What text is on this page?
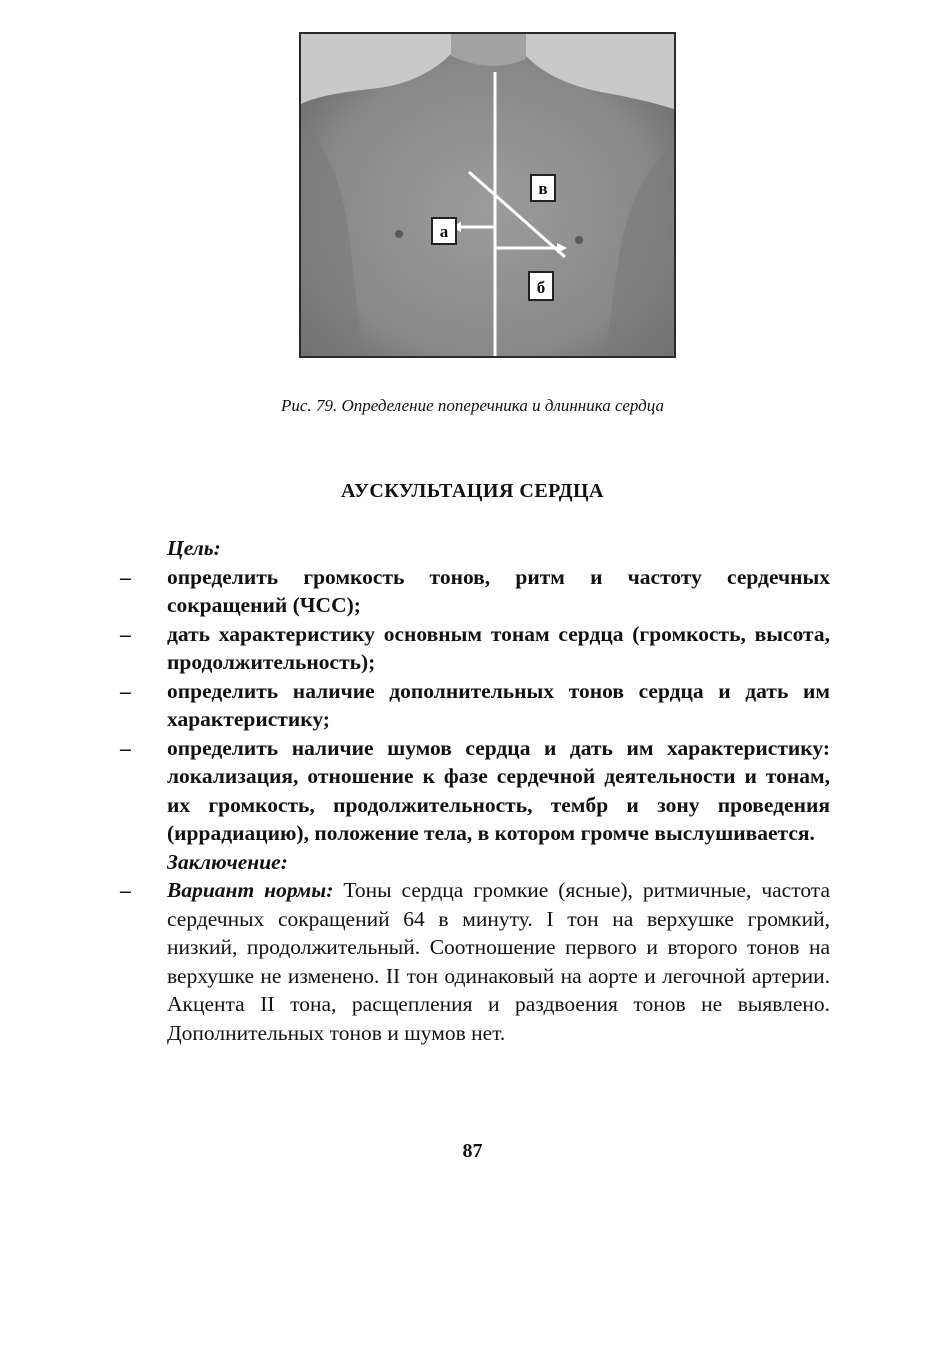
а
в
б
Рис. 79. Определение поперечника и длинника сердца
АУСКУЛЬТАЦИЯ СЕРДЦА
Цель:
–	определить громкость тонов, ритм и частоту сердечных сокращений (ЧСС);
–	дать характеристику основным тонам сердца (громкость, высота, продолжительность);
–	определить наличие дополнительных тонов сердца и дать им характеристику;
–	определить наличие шумов сердца и дать им характеристику: локализация, отношение к фазе сердечной деятельности и тонам, их громкость, продолжительность, тембр и зону проведения (иррадиацию), положение тела, в котором громче выслушивается.
Заключение:
–	Вариант нормы: Тоны сердца громкие (ясные), ритмичные, частота сердечных сокращений 64 в минуту. I тон на верхушке громкий, низкий, продолжительный. Соотношение первого и второго тонов на верхушке не изменено. II тон одинаковый на аорте и легочной артерии. Акцента II тона, расщепления и раздвоения тонов не выявлено. Дополнительных тонов и шумов нет.
87
